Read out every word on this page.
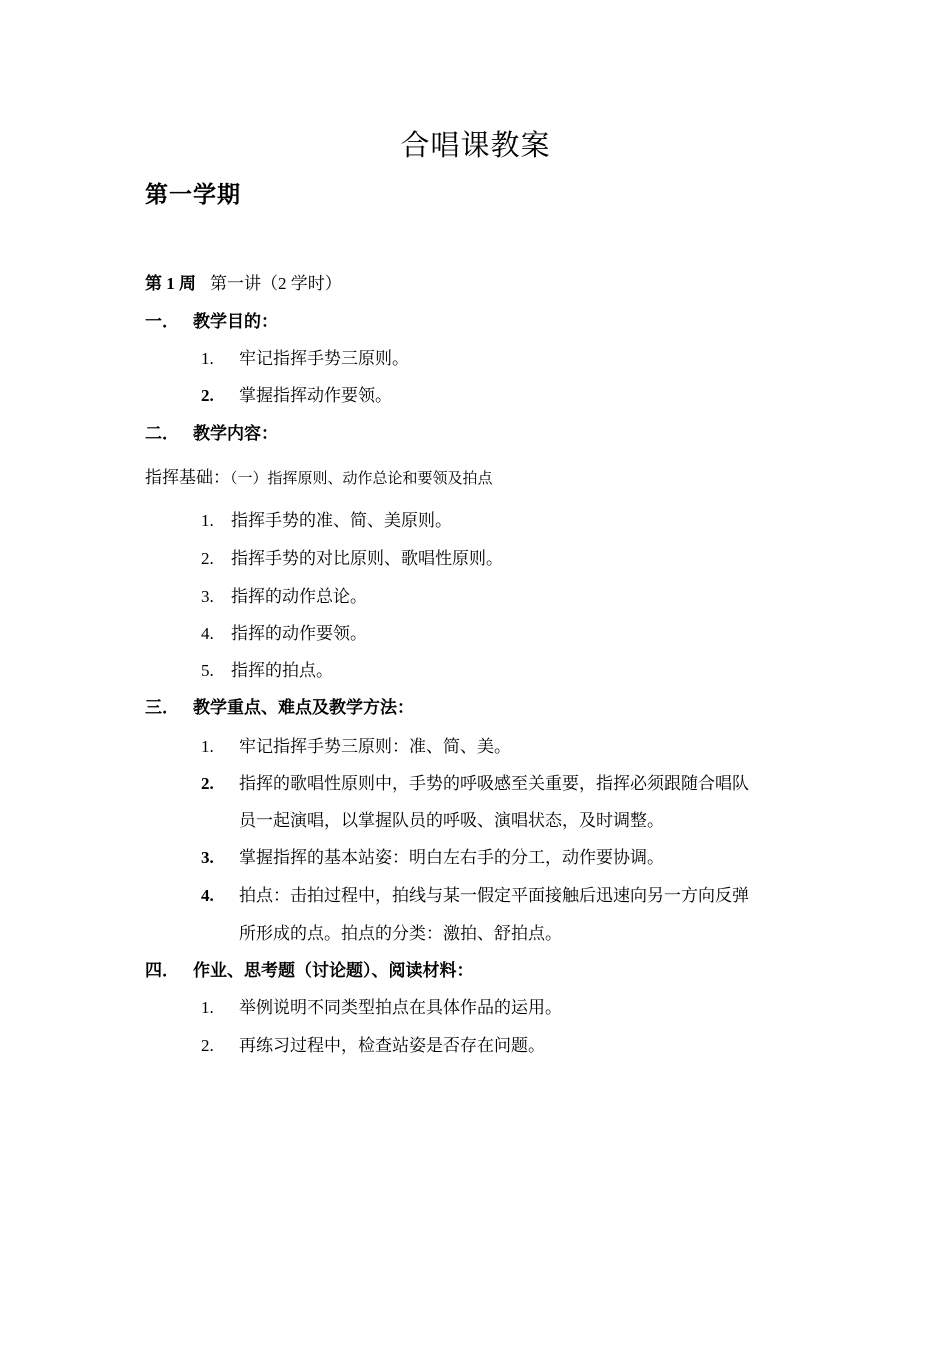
合唱课教案
第一学期
第 1 周 第一讲（2 学时）
一． 教学目的：
1. 牢记指挥手势三原则。
2. 掌握指挥动作要领。
二． 教学内容：
指挥基础：（一）指挥原则、动作总论和要领及拍点
1. 指挥手势的准、简、美原则。
2. 指挥手势的对比原则、歌唱性原则。
3. 指挥的动作总论。
4. 指挥的动作要领。
5. 指挥的拍点。
三． 教学重点、难点及教学方法：
1. 牢记指挥手势三原则：准、简、美。
2. 指挥的歌唱性原则中，手势的呼吸感至关重要，指挥必须跟随合唱队
员一起演唱，以掌握队员的呼吸、演唱状态，及时调整。
3. 掌握指挥的基本站姿：明白左右手的分工，动作要协调。
4. 拍点：击拍过程中，拍线与某一假定平面接触后迅速向另一方向反弹
所形成的点。拍点的分类：激拍、舒拍点。
四． 作业、思考题（讨论题）、阅读材料：
1. 举例说明不同类型拍点在具体作品的运用。
2. 再练习过程中，检查站姿是否存在问题。
